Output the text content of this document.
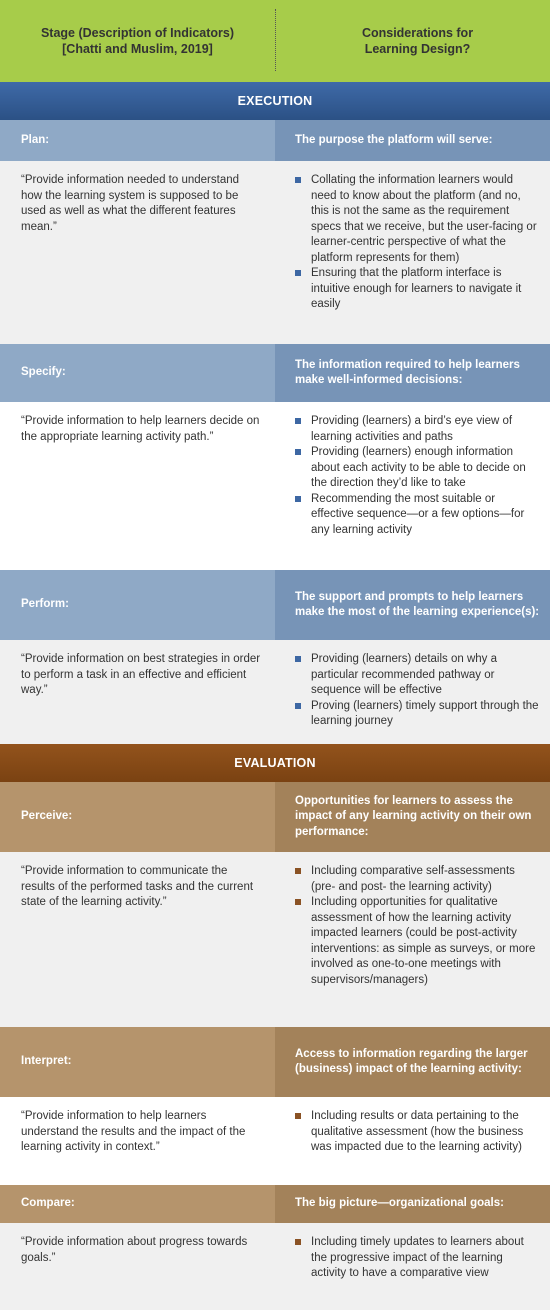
Stage (Description of Indicators)
[Chatti and Muslim, 2019]
Considerations for
Learning Design?
EXECUTION
Plan:	The purpose the platform will serve:
“Provide information needed to understand how the learning system is supposed to be used as well as what the different features mean.”
Collating the information learners would need to know about the platform (and no, this is not the same as the requirement specs that we receive, but the user-facing or learner-centric perspective of what the platform represents for them)
Ensuring that the platform interface is intuitive enough for learners to navigate it easily
Specify:
The information required to help learners make well-informed decisions:
“Provide information to help learners decide on the appropriate learning activity path.”
Providing (learners) a bird’s eye view of learning activities and paths
Providing (learners) enough information about each activity to be able to decide on the direction they’d like to take
Recommending the most suitable or effective sequence—or a few options—for any learning activity
Perform:
The support and prompts to help learners make the most of the learning experience(s):
“Provide information on best strategies in order to perform a task in an effective and efficient way.”
Providing (learners) details on why a particular recommended pathway or sequence will be effective
Proving (learners) timely support through the learning journey
EVALUATION
Perceive:
Opportunities for learners to assess the impact of any learning activity on their own performance:
“Provide information to communicate the results of the performed tasks and the current state of the learning activity.”
Including comparative self-assessments (pre- and post- the learning activity)
Including opportunities for qualitative assessment of how the learning activity impacted learners (could be post-activity interventions: as simple as surveys, or more involved as one-to-one meetings with supervisors/managers)
Interpret:
Access to information regarding the larger (business) impact of the learning activity:
“Provide information to help learners understand the results and the impact of the learning activity in context.”
Including results or data pertaining to the qualitative assessment (how the business was impacted due to the learning activity)
Compare:	The big picture—organizational goals:
“Provide information about progress towards goals.”
Including timely updates to learners about the progressive impact of the learning activity to have a comparative view
